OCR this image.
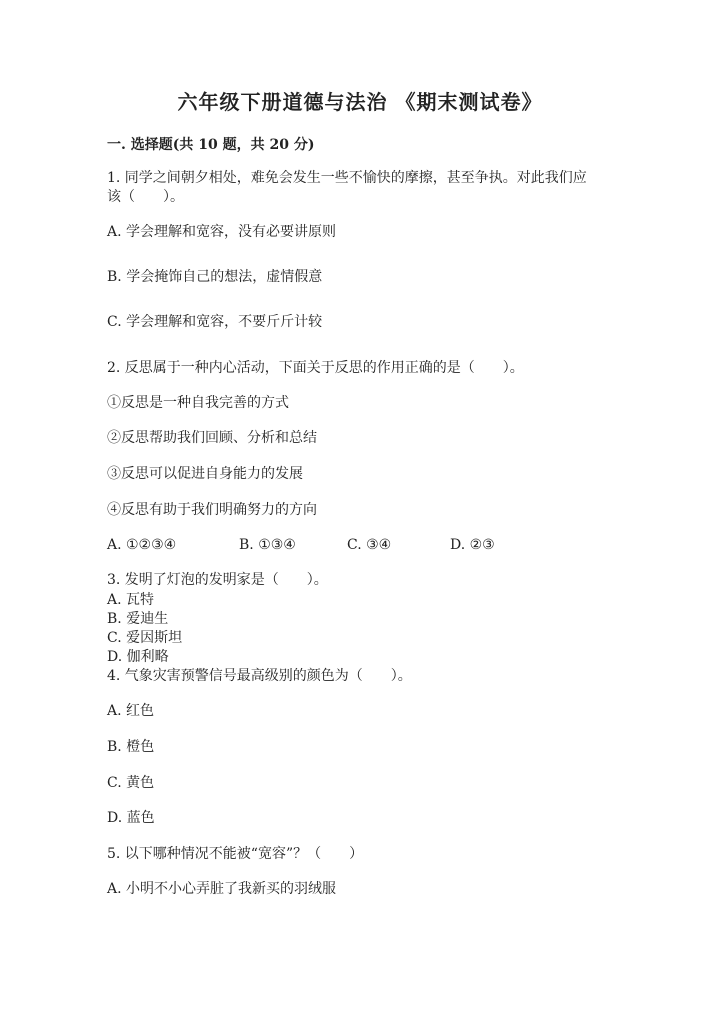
六年级下册道德与法治 《期末测试卷》
一. 选择题(共 10 题，共 20 分)
1. 同学之间朝夕相处，难免会发生一些不愉快的摩擦，甚至争执。对此我们应
该（　　）。
A. 学会理解和宽容，没有必要讲原则
B. 学会掩饰自己的想法，虚情假意
C. 学会理解和宽容，不要斤斤计较
2. 反思属于一种内心活动，下面关于反思的作用正确的是（　　）。
①反思是一种自我完善的方式
②反思帮助我们回顾、分析和总结
③反思可以促进自身能力的发展
④反思有助于我们明确努力的方向
A. ①②③④	B. ①③④	C. ③④	D. ②③
3. 发明了灯泡的发明家是（　　）。
A. 瓦特
B. 爱迪生
C. 爱因斯坦
D. 伽利略
4. 气象灾害预警信号最高级别的颜色为（　　）。
A. 红色
B. 橙色
C. 黄色
D. 蓝色
5. 以下哪种情况不能被“宽容”？（　　）
A. 小明不小心弄脏了我新买的羽绒服
